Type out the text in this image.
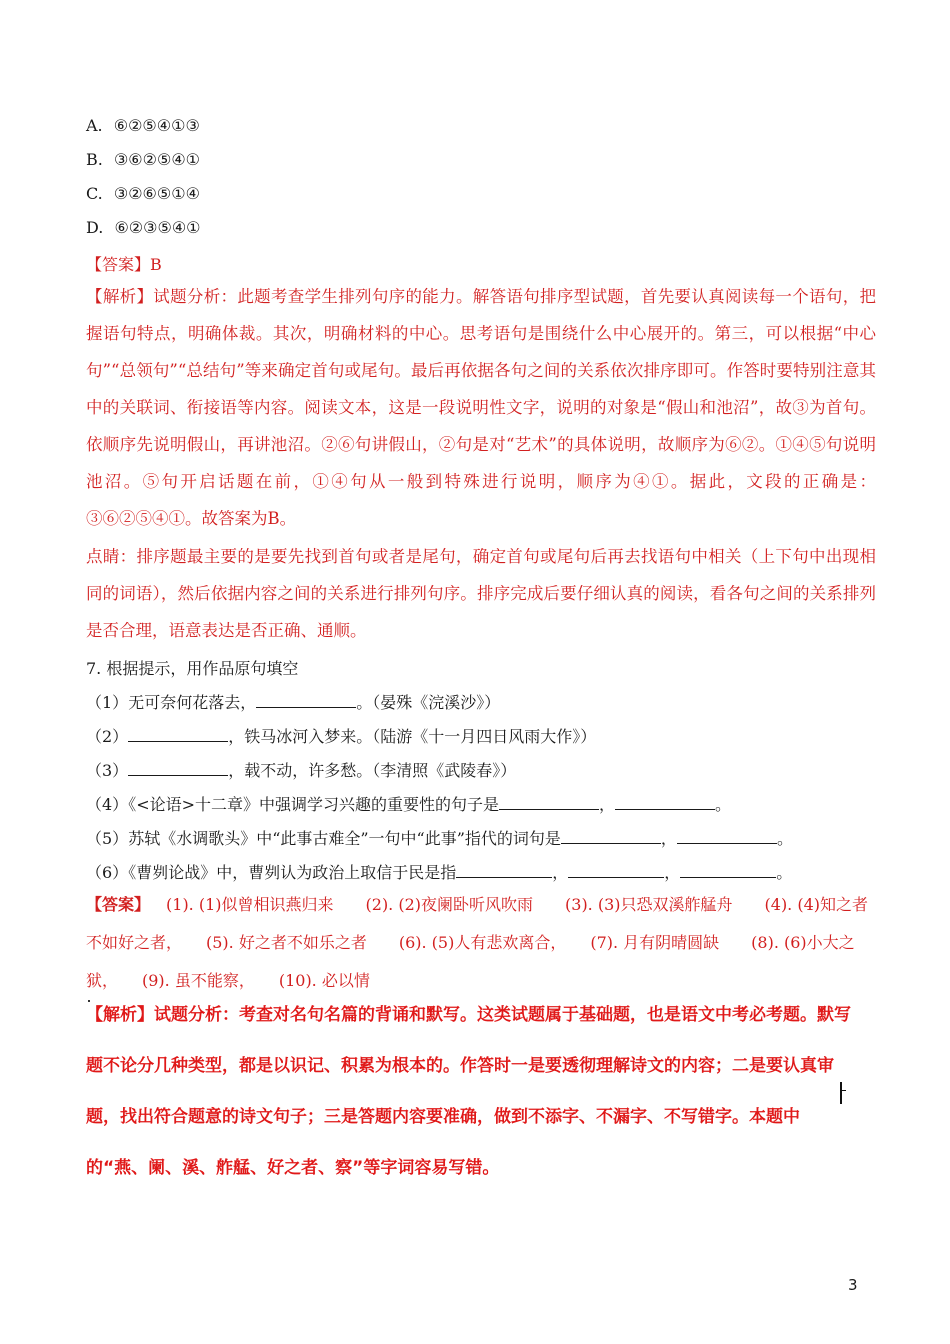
A. ⑥②⑤④①③
B. ③⑥②⑤④①
C. ③②⑥⑤①④
D. ⑥②③⑤④①
【答案】B
【解析】试题分析：此题考查学生排列句序的能力。解答语句排序型试题，首先要认真阅读每一个语句，把握语句特点，明确体裁。其次，明确材料的中心。思考语句是围绕什么中心展开的。第三，可以根据“中心句”“总领句”“总结句”等来确定首句或尾句。最后再依据各句之间的关系依次排序即可。作答时要特别注意其中的关联词、衔接语等内容。阅读文本，这是一段说明性文字，说明的对象是“假山和池沼”，故③为首句。依顺序先说明假山，再讲池沼。②⑥句讲假山，②句是对“艺术”的具体说明，故顺序为⑥②。①④⑤句说明池沼。⑤句开启话题在前，①④句从一般到特殊进行说明，顺序为④①。据此，文段的正确是：③⑥②⑤④①。故答案为B。
点睛：排序题最主要的是要先找到首句或者是尾句，确定首句或尾句后再去找语句中相关（上下句中出现相同的词语），然后依据内容之间的关系进行排列句序。排序完成后要仔细认真的阅读，看各句之间的关系排列是否合理，语意表达是否正确、通顺。
7. 根据提示，用作品原句填空
（1）无可奈何花落去，	。（晏殊《浣溪沙》）
（2）	，铁马冰河入梦来。（陆游《十一月四日风雨大作》）
（3）	，载不动，许多愁。（李清照《武陵春》）
（4）《<论语>十二章》中强调学习兴趣的重要性的句子是	，	。
（5）苏轼《水调歌头》中“此事古难全”一句中“此事”指代的词句是	，	。
（6）《曹刿论战》中，曹刿认为政治上取信于民是指	，	，	。
【答案】 (1). (1)似曾相识燕归来　　(2). (2)夜阑卧听风吹雨　　(3). (3)只恐双溪舴艋舟　　(4). (4)知之者不如好之者，　　(5). 好之者不如乐之者　　(6). (5)人有悲欢离合，　　(7). 月有阴晴圆缺　　(8). (6)小大之狱，　　(9). 虽不能察，　　(10). 必以情
【解析】试题分析：考查对名句名篇的背诵和默写。这类试题属于基础题，也是语文中考必考题。默写题不论分几种类型，都是以识记、积累为根本的。作答时一是要透彻理解诗文的内容；二是要认真审题，找出符合题意的诗文句子；三是答题内容要准确，做到不添字、不漏字、不写错字。本题中的“燕、阑、溪、舴艋、好之者、察”等字词容易写错。
3
